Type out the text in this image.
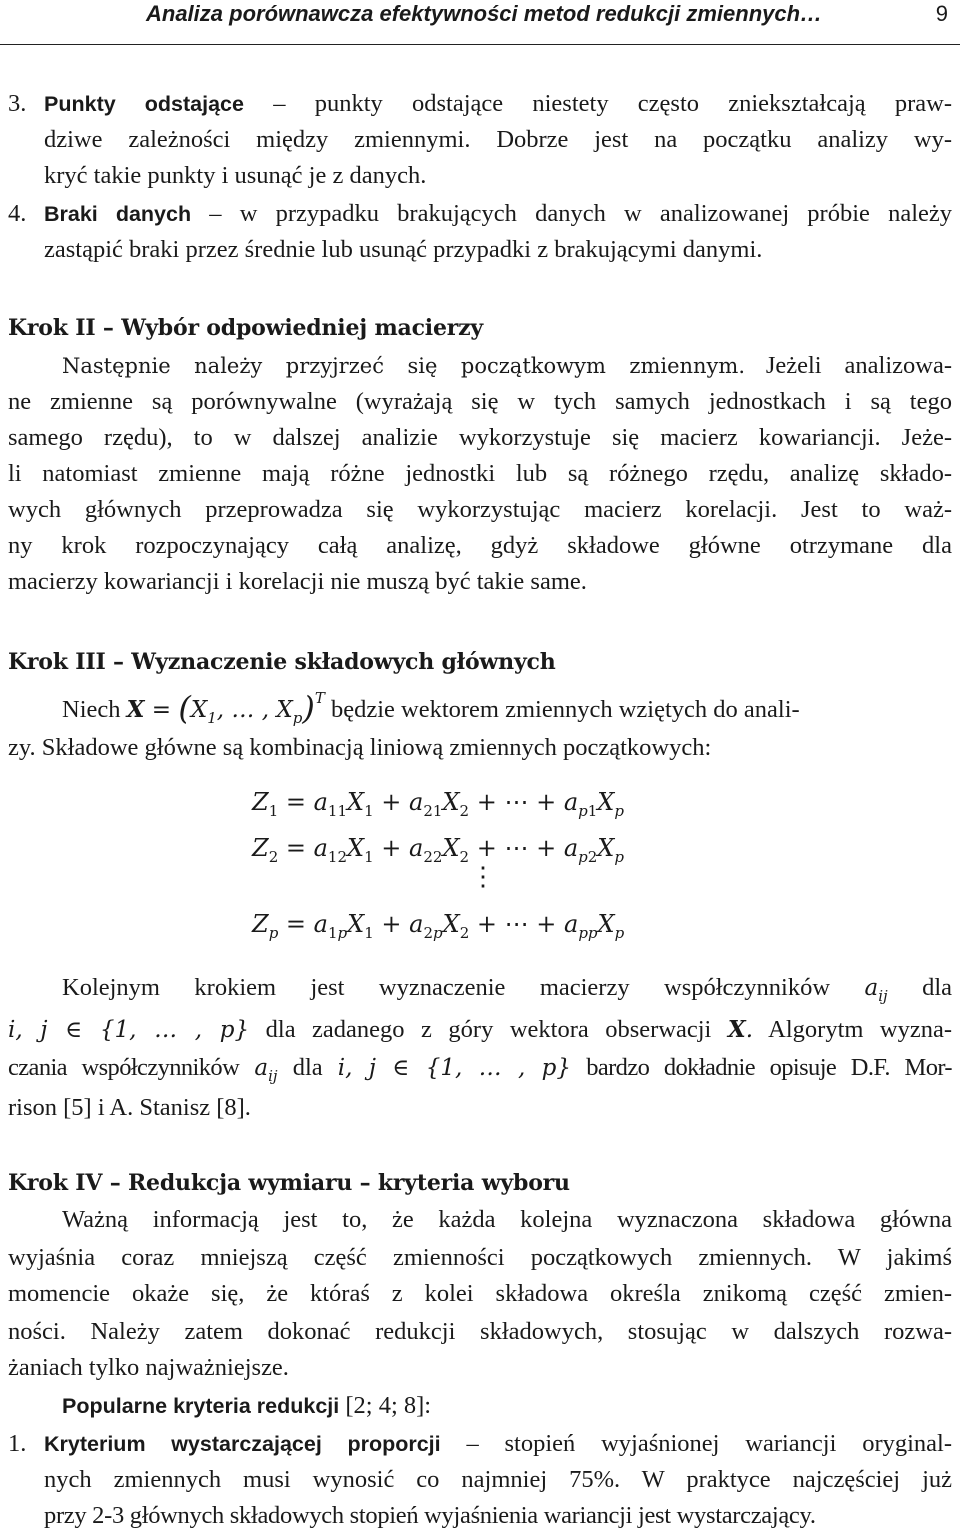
Analiza porównawcza efektywności metod redukcji zmiennych…	9
3. Punkty odstające – punkty odstające niestety często zniekształcają praw-
dziwe zależności między zmiennymi. Dobrze jest na początku analizy wy-
kryć takie punkty i usunąć je z danych.
4. Braki danych – w przypadku brakujących danych w analizowanej próbie należy
zastąpić braki przez średnie lub usunąć przypadki z brakującymi danymi.
Krok II – Wybór odpowiedniej macierzy
Następnie należy przyjrzeć się początkowym zmiennym. Jeżeli analizowa-
ne zmienne są porównywalne (wyrażają się w tych samych jednostkach i są tego
samego rzędu), to w dalszej analizie wykorzystuje się macierz kowariancji. Jeże-
li natomiast zmienne mają różne jednostki lub są różnego rzędu, analizę składo-
wych głównych przeprowadza się wykorzystując macierz korelacji. Jest to waż-
ny krok rozpoczynający całą analizę, gdyż składowe główne otrzymane dla
macierzy kowariancji i korelacji nie muszą być takie same.
Krok III – Wyznaczenie składowych głównych
Niech $X = (X_1$, … , $X_p)^T$ będzie wektorem zmiennych wziętych do anali-
zy. Składowe główne są kombinacją liniową zmiennych początkowych:
$Z_1 = a_{11}X_1 + a_{21}X_2$ + ⋯ + $a_{p1}X_p$
$Z_2 = a_{12}X_1 + a_{22}X_2$ + ⋯ + $a_{p2}X_p$
⋮
$Z_p = a_{1p}X_1 + a_{2p}X_2$ + ⋯ + $a_{pp}X_p$
Kolejnym krokiem jest wyznaczenie macierzy współczynników $a_{ij}$ dla
i, j ∈ {1, … , p} dla zadanego z góry wektora obserwacji X. Algorytm wyzna-
czania współczynników $a_{ij}$ dla i, j ∈ {1, … , p} bardzo dokładnie opisuje D.F. Mor-
rison [5] i A. Stanisz [8].
Krok IV – Redukcja wymiaru – kryteria wyboru
Ważną informacją jest to, że każda kolejna wyznaczona składowa główna
wyjaśnia coraz mniejszą część zmienności początkowych zmiennych. W jakimś
momencie okaże się, że któraś z kolei składowa określa znikomą część zmien-
ności. Należy zatem dokonać redukcji składowych, stosując w dalszych rozwa-
żaniach tylko najważniejsze.
Popularne kryteria redukcji [2; 4; 8]:
1. Kryterium wystarczającej proporcji – stopień wyjaśnionej wariancji oryginal-
nych zmiennych musi wynosić co najmniej 75%. W praktyce najczęściej już
przy 2-3 głównych składowych stopień wyjaśnienia wariancji jest wystarczający.
